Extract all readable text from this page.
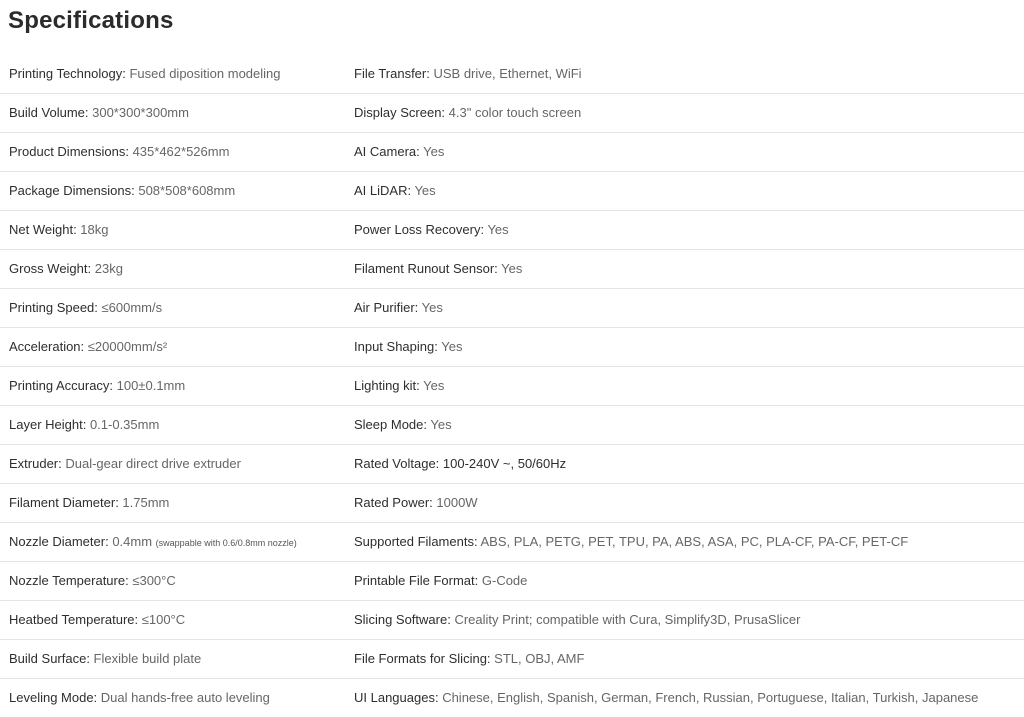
Specifications
Printing Technology: Fused diposition modeling	File Transfer: USB drive, Ethernet, WiFi
Build Volume: 300*300*300mm	Display Screen: 4.3" color touch screen
Product Dimensions: 435*462*526mm	AI Camera: Yes
Package Dimensions: 508*508*608mm	AI LiDAR: Yes
Net Weight: 18kg	Power Loss Recovery: Yes
Gross Weight: 23kg	Filament Runout Sensor: Yes
Printing Speed: ≤600mm/s	Air Purifier: Yes
Acceleration: ≤20000mm/s²	Input Shaping: Yes
Printing Accuracy: 100±0.1mm	Lighting kit: Yes
Layer Height: 0.1-0.35mm	Sleep Mode: Yes
Extruder: Dual-gear direct drive extruder	Rated Voltage: 100-240V ~, 50/60Hz
Filament Diameter: 1.75mm	Rated Power: 1000W
Nozzle Diameter: 0.4mm (swappable with 0.6/0.8mm nozzle)	Supported Filaments: ABS, PLA, PETG, PET, TPU, PA, ABS, ASA, PC, PLA-CF, PA-CF, PET-CF
Nozzle Temperature: ≤300°C	Printable File Format: G-Code
Heatbed Temperature: ≤100°C	Slicing Software: Creality Print; compatible with Cura, Simplify3D, PrusaSlicer
Build Surface: Flexible build plate	File Formats for Slicing: STL, OBJ, AMF
Leveling Mode: Dual hands-free auto leveling	UI Languages: Chinese, English, Spanish, German, French, Russian, Portuguese, Italian, Turkish, Japanese
